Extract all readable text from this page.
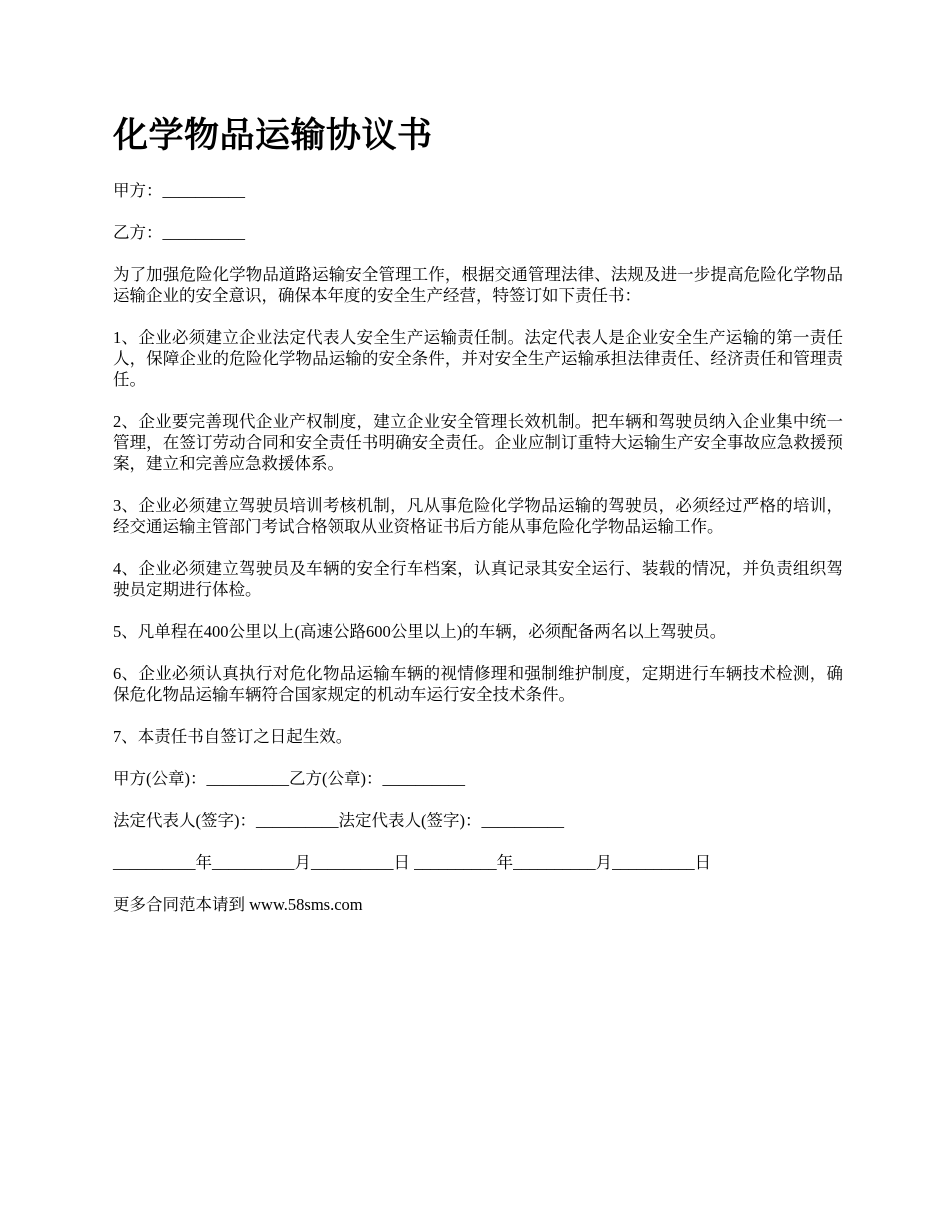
化学物品运输协议书

甲方：__________

乙方：__________

为了加强危险化学物品道路运输安全管理工作，根据交通管理法律、法规及进一步提高危险化学物品运输企业的安全意识，确保本年度的安全生产经营，特签订如下责任书：

1、企业必须建立企业法定代表人安全生产运输责任制。法定代表人是企业安全生产运输的第一责任人，保障企业的危险化学物品运输的安全条件，并对安全生产运输承担法律责任、经济责任和管理责任。

2、企业要完善现代企业产权制度，建立企业安全管理长效机制。把车辆和驾驶员纳入企业集中统一管理，在签订劳动合同和安全责任书明确安全责任。企业应制订重特大运输生产安全事故应急救援预案，建立和完善应急救援体系。

3、企业必须建立驾驶员培训考核机制，凡从事危险化学物品运输的驾驶员，必须经过严格的培训，经交通运输主管部门考试合格领取从业资格证书后方能从事危险化学物品运输工作。

4、企业必须建立驾驶员及车辆的安全行车档案，认真记录其安全运行、装载的情况，并负责组织驾驶员定期进行体检。

5、凡单程在400公里以上(高速公路600公里以上)的车辆，必须配备两名以上驾驶员。

6、企业必须认真执行对危化物品运输车辆的视情修理和强制维护制度，定期进行车辆技术检测，确保危化物品运输车辆符合国家规定的机动车运行安全技术条件。

7、本责任书自签订之日起生效。

甲方(公章)：__________乙方(公章)：__________

法定代表人(签字)：__________法定代表人(签字)：__________

__________年__________月__________日 __________年__________月__________日

更多合同范本请到 www.58sms.com
